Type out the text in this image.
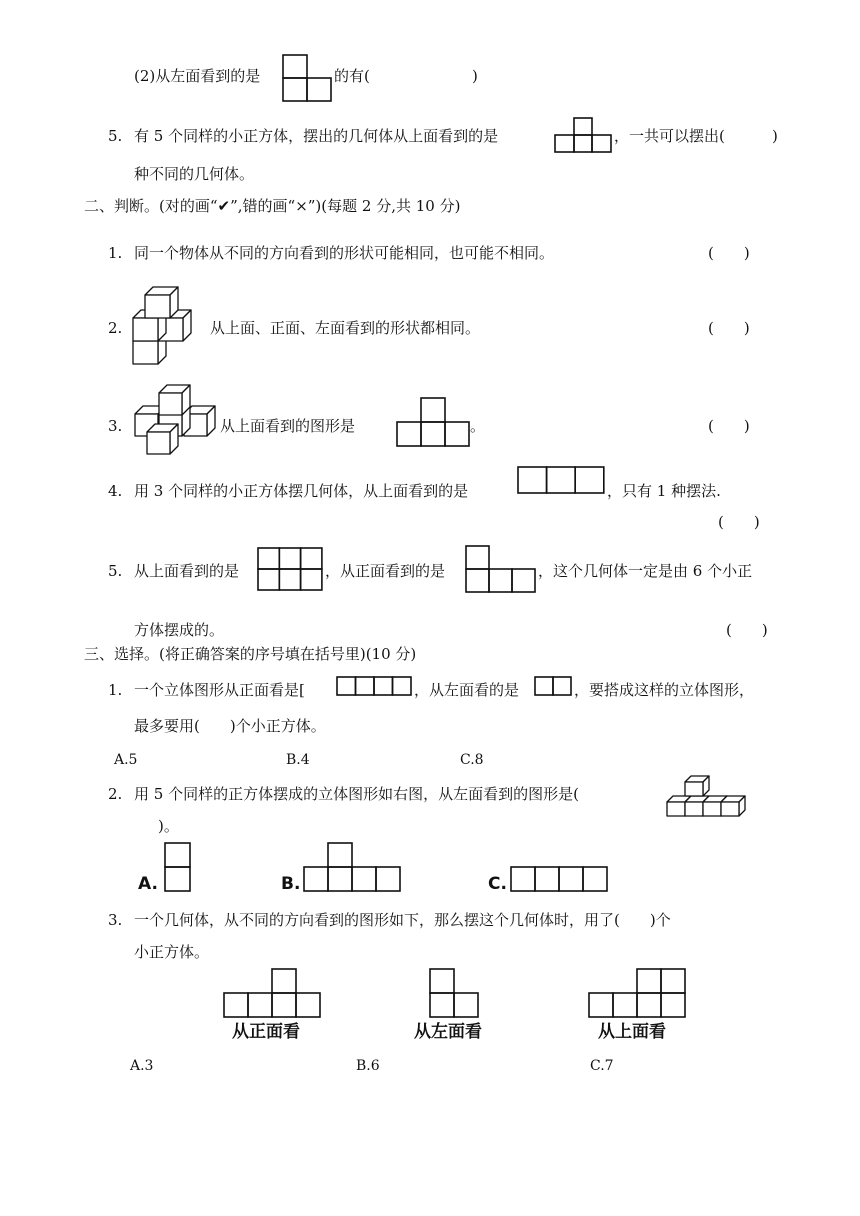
(2)从左面看到的是	的有(	)
5. 有 5 个同样的小正方体，摆出的几何体从上面看到的是	，一共可以摆出(	)
种不同的几何体。
二、判断。(对的画“✔”,错的画“×”)(每题 2 分,共 10 分)
1. 同一个物体从不同的方向看到的形状可能相同，也可能不相同。	(　　)
2.	从上面、正面、左面看到的形状都相同。	(　　)
3.	从上面看到的图形是	。	(　　)
4. 用 3 个同样的小正方体摆几何体，从上面看到的是	，只有 1 种摆法.
(　　)
5. 从上面看到的是	，从正面看到的是	，这个几何体一定是由 6 个小正
方体摆成的。	(　　)
三、选择。(将正确答案的序号填在括号里)(10 分)
1. 一个立体图形从正面看是[	，从左面看的是	，要搭成这样的立体图形，
最多要用(　　)个小正方体。
A.5	B.4	C.8
2. 用 5 个同样的正方体摆成的立体图形如右图，从左面看到的图形是(
)。
A.	B.	C.
3. 一个几何体，从不同的方向看到的图形如下，那么摆这个几何体时，用了(　　)个
小正方体。
从正面看	从左面看	从上面看
A.3	B.6	C.7
